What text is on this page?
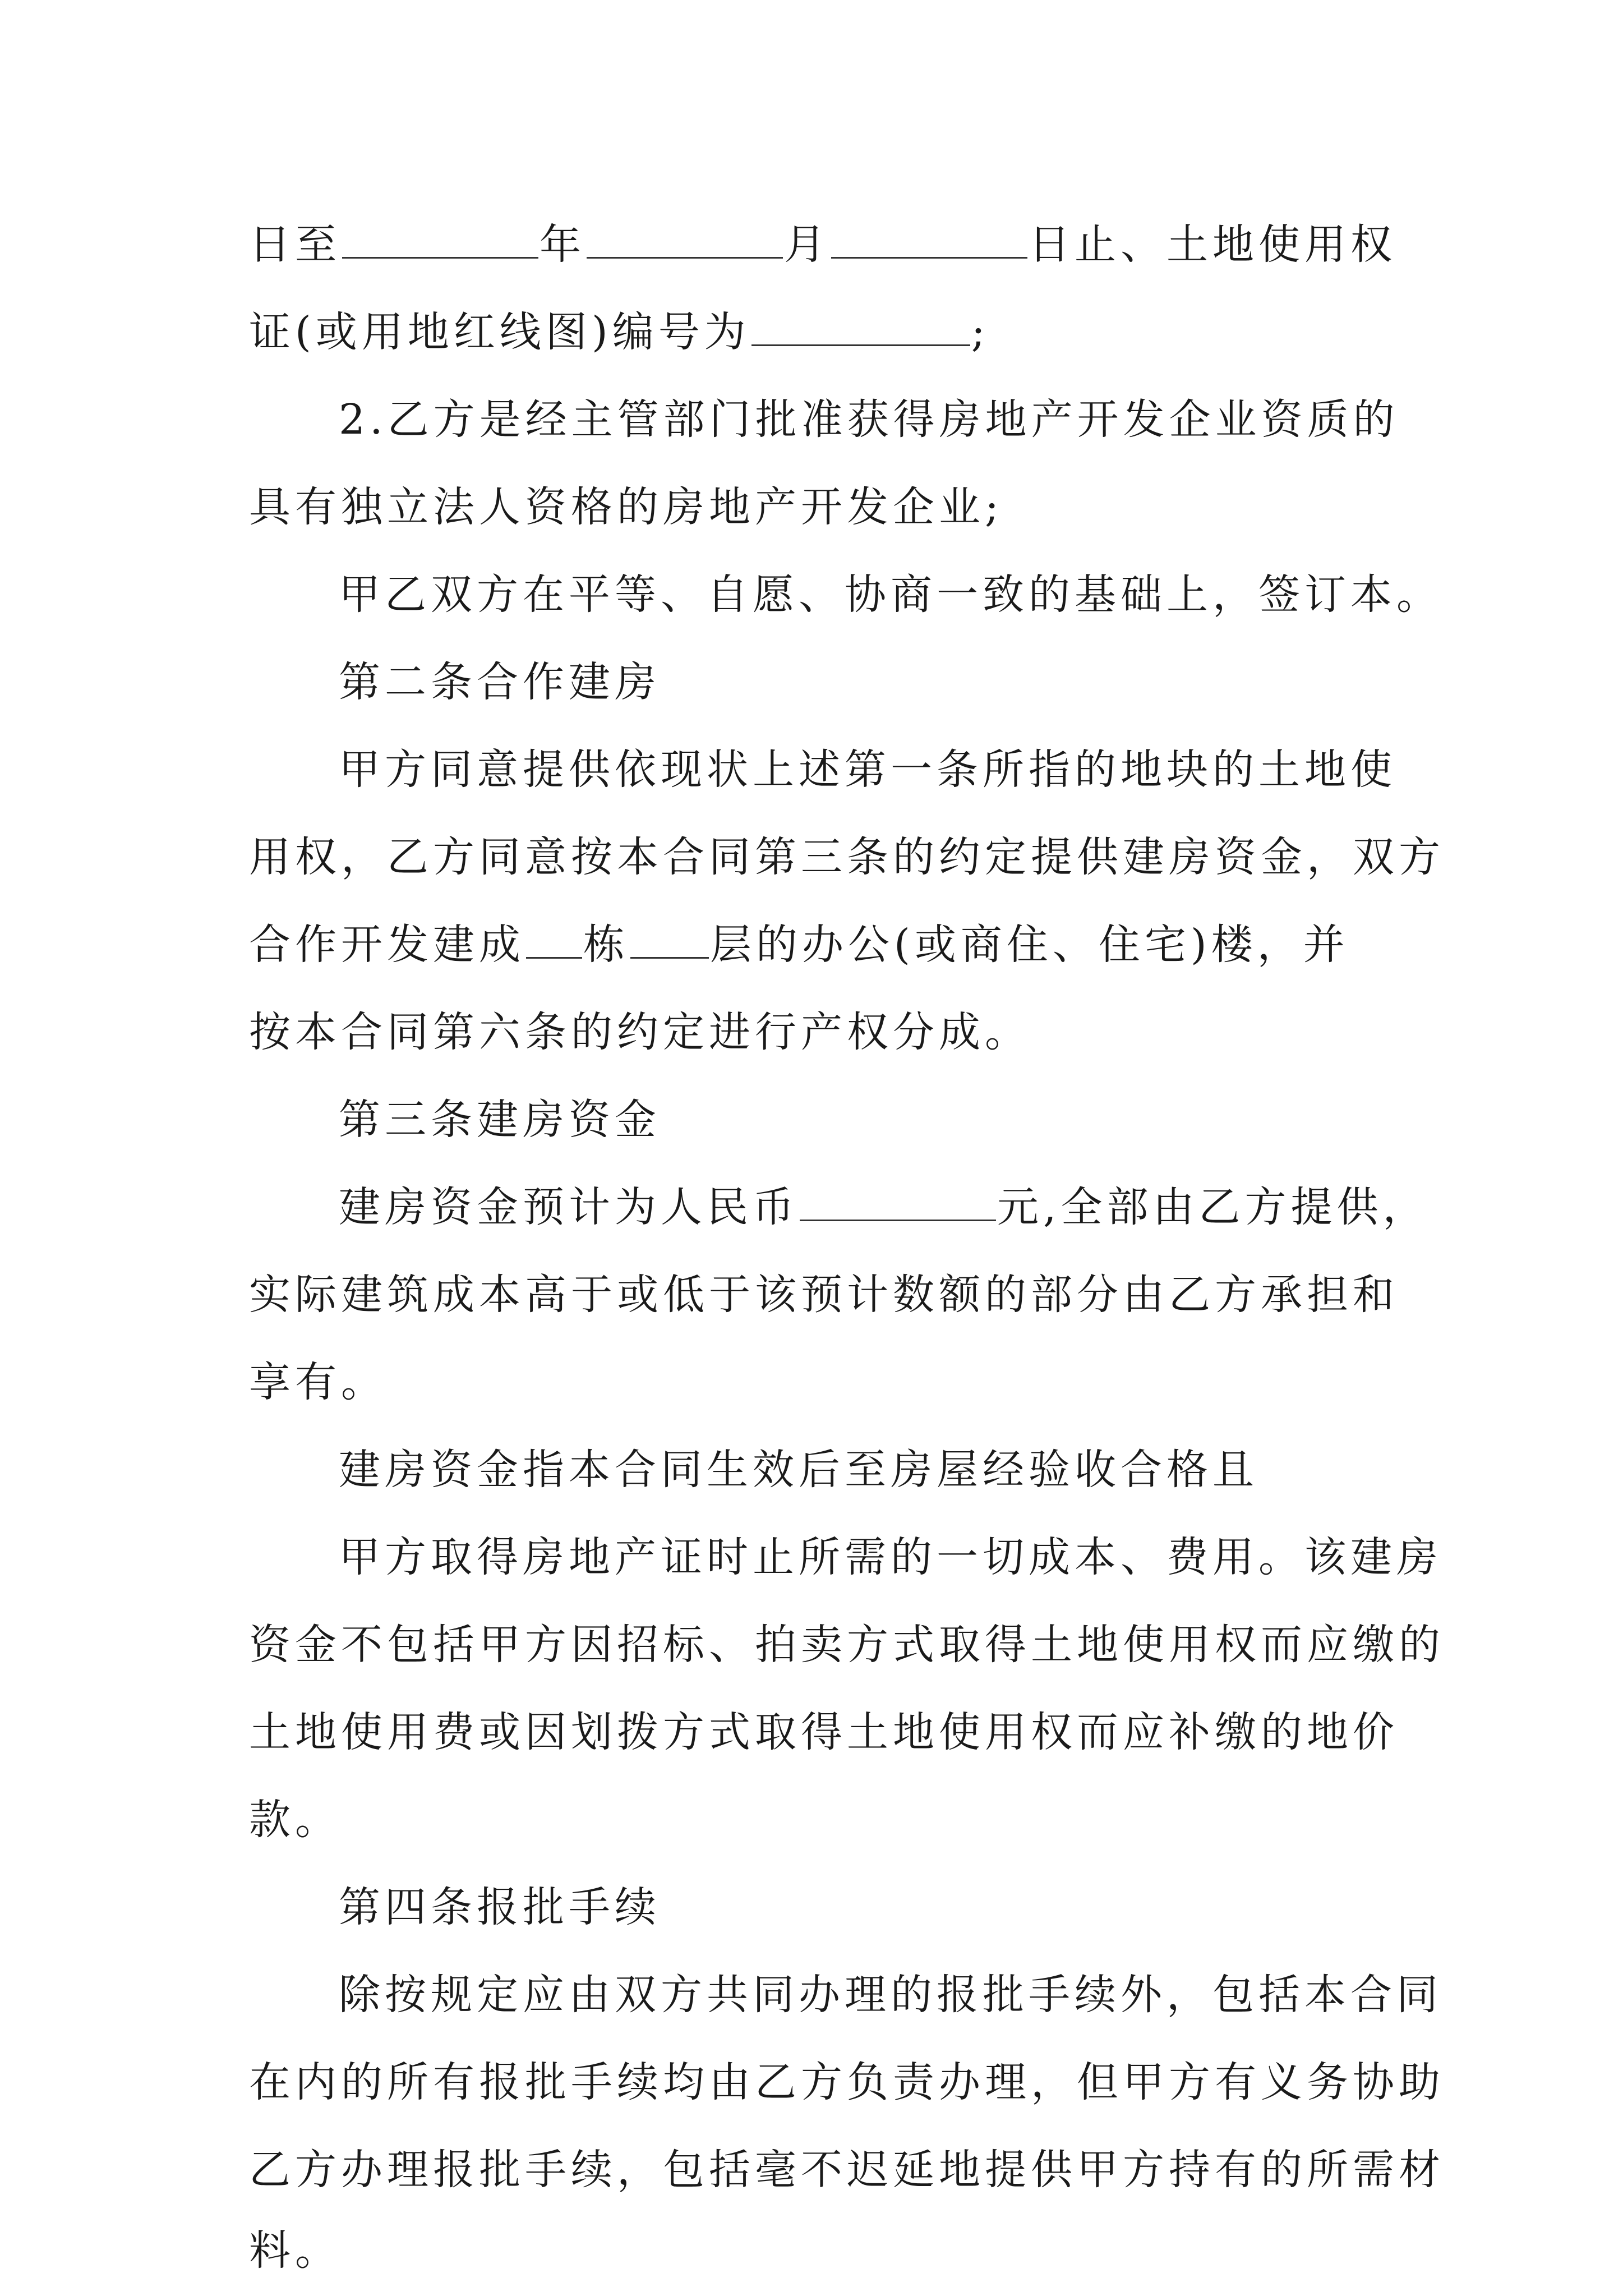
日至	年	月	日止、土地使用权
证(或用地红线图)编号为	;
2.乙方是经主管部门批准获得房地产开发企业资质的
具有独立法人资格的房地产开发企业;
甲乙双方在平等、自愿、协商一致的基础上，签订本。
第二条合作建房
甲方同意提供依现状上述第一条所指的地块的土地使
用权，乙方同意按本合同第三条的约定提供建房资金，双方
合作开发建成 栋 层的办公(或商住、住宅)楼，并
按本合同第六条的约定进行产权分成。
第三条建房资金
建房资金预计为人民币	元,全部由乙方提供，
实际建筑成本高于或低于该预计数额的部分由乙方承担和
享有。
建房资金指本合同生效后至房屋经验收合格且
甲方取得房地产证时止所需的一切成本、费用。该建房
资金不包括甲方因招标、拍卖方式取得土地使用权而应缴的
土地使用费或因划拨方式取得土地使用权而应补缴的地价
款。
第四条报批手续
除按规定应由双方共同办理的报批手续外，包括本合同
在内的所有报批手续均由乙方负责办理，但甲方有义务协助
乙方办理报批手续，包括毫不迟延地提供甲方持有的所需材
料。
